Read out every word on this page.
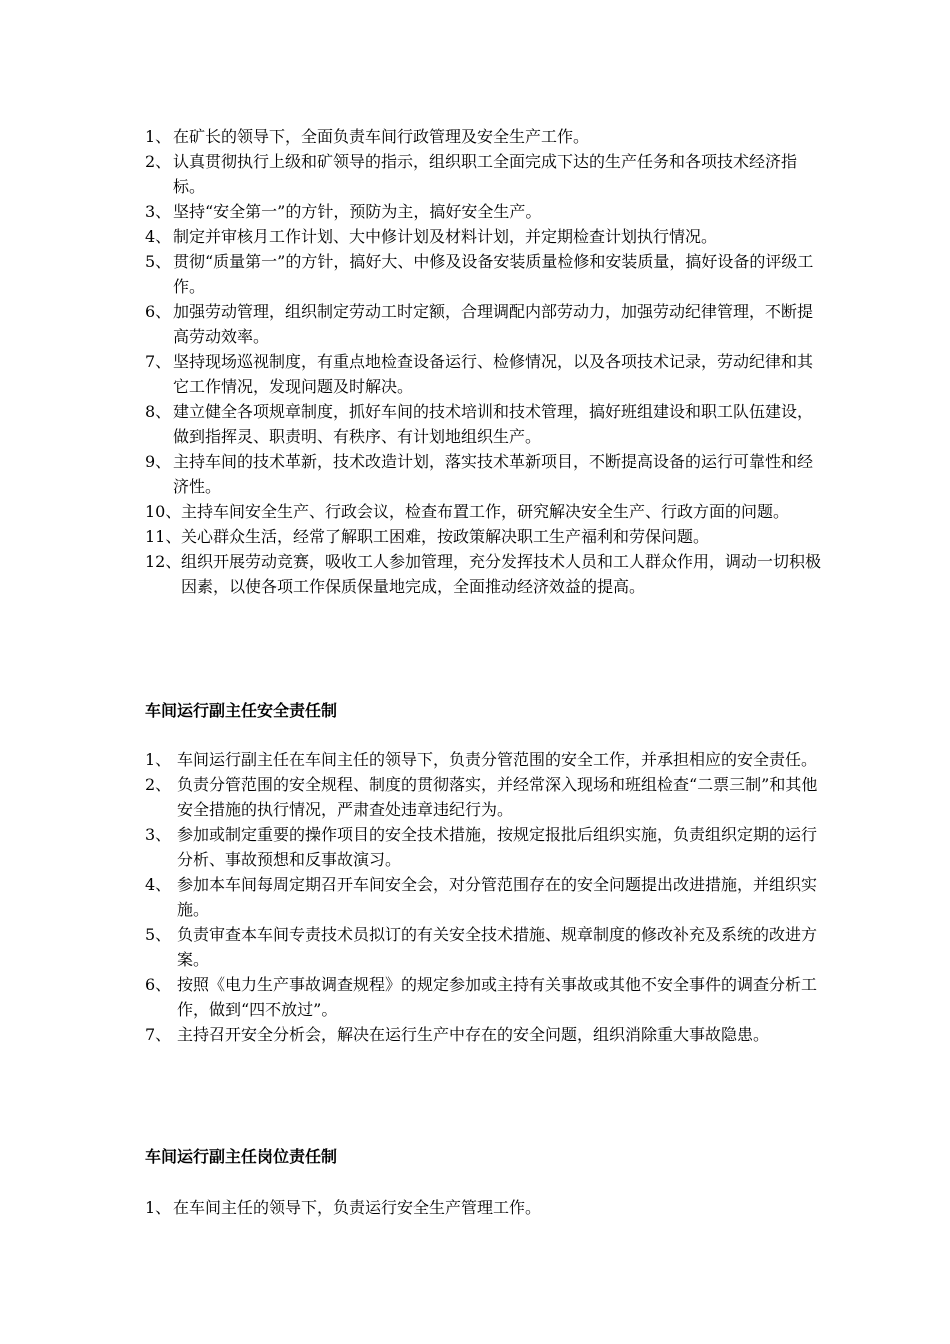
1、 在矿长的领导下，全面负责车间行政管理及安全生产工作。
2、 认真贯彻执行上级和矿领导的指示，组织职工全面完成下达的生产任务和各项技术经济指标。
3、 坚持“安全第一”的方针，预防为主，搞好安全生产。
4、 制定并审核月工作计划、大中修计划及材料计划，并定期检查计划执行情况。
5、 贯彻“质量第一”的方针，搞好大、中修及设备安装质量检修和安装质量，搞好设备的评级工作。
6、 加强劳动管理，组织制定劳动工时定额，合理调配内部劳动力，加强劳动纪律管理，不断提高劳动效率。
7、 坚持现场巡视制度，有重点地检查设备运行、检修情况，以及各项技术记录，劳动纪律和其它工作情况，发现问题及时解决。
8、 建立健全各项规章制度，抓好车间的技术培训和技术管理，搞好班组建设和职工队伍建设，做到指挥灵、职责明、有秩序、有计划地组织生产。
9、 主持车间的技术革新，技术改造计划，落实技术革新项目，不断提高设备的运行可靠性和经济性。
10、 主持车间安全生产、行政会议，检查布置工作，研究解决安全生产、行政方面的问题。
11、 关心群众生活，经常了解职工困难，按政策解决职工生产福利和劳保问题。
12、 组织开展劳动竞赛，吸收工人参加管理，充分发挥技术人员和工人群众作用，调动一切积极因素，以使各项工作保质保量地完成，全面推动经济效益的提高。
车间运行副主任安全责任制
1、 车间运行副主任在车间主任的领导下，负责分管范围的安全工作，并承担相应的安全责任。
2、 负责分管范围的安全规程、制度的贯彻落实，并经常深入现场和班组检查“二票三制”和其他安全措施的执行情况，严肃查处违章违纪行为。
3、 参加或制定重要的操作项目的安全技术措施，按规定报批后组织实施，负责组织定期的运行分析、事故预想和反事故演习。
4、 参加本车间每周定期召开车间安全会，对分管范围存在的安全问题提出改进措施，并组织实施。
5、 负责审查本车间专责技术员拟订的有关安全技术措施、规章制度的修改补充及系统的改进方案。
6、 按照《电力生产事故调查规程》的规定参加或主持有关事故或其他不安全事件的调查分析工作，做到“四不放过”。
7、 主持召开安全分析会，解决在运行生产中存在的安全问题，组织消除重大事故隐患。
车间运行副主任岗位责任制
1、 在车间主任的领导下，负责运行安全生产管理工作。
